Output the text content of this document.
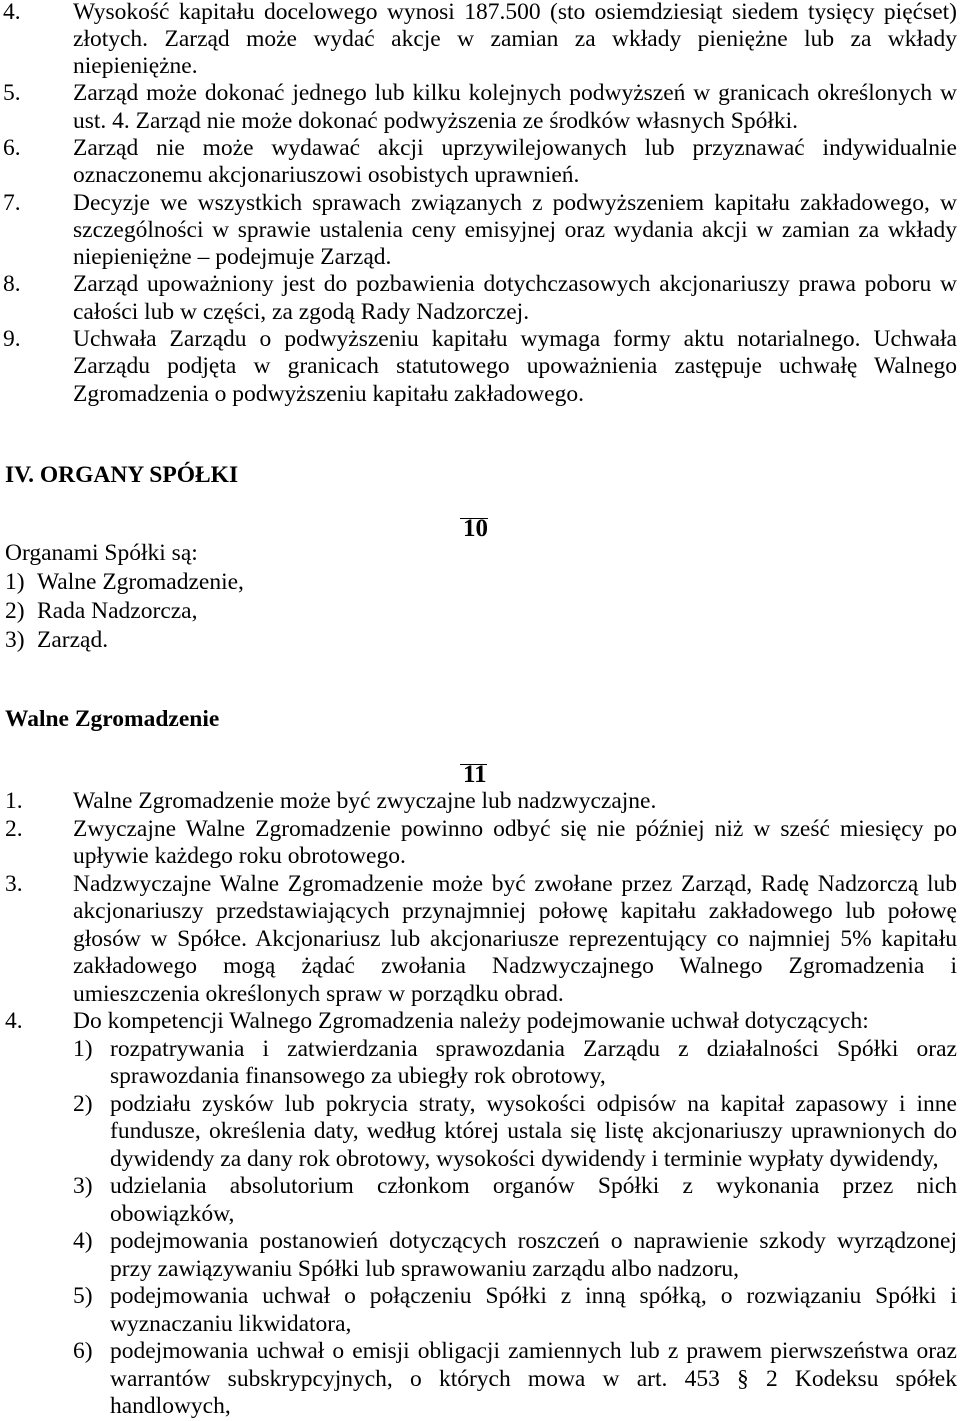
4.	Wysokość kapitału docelowego wynosi 187.500 (sto osiemdziesiąt siedem tysięcy pięćset)
złotych. Zarząd może wydać akcje w zamian za wkłady pieniężne lub za wkłady
niepieniężne.
5.	Zarząd może dokonać jednego lub kilku kolejnych podwyższeń w granicach określonych w
ust. 4. Zarząd nie może dokonać podwyższenia ze środków własnych Spółki.
6.	Zarząd nie może wydawać akcji uprzywilejowanych lub przyznawać indywidualnie
oznaczonemu akcjonariuszowi osobistych uprawnień.
7.	Decyzje we wszystkich sprawach związanych z podwyższeniem kapitału zakładowego, w
szczególności w sprawie ustalenia ceny emisyjnej oraz wydania akcji w zamian za wkłady
niepieniężne – podejmuje Zarząd.
8.	Zarząd upoważniony jest do pozbawienia dotychczasowych akcjonariuszy prawa poboru w
całości lub w części, za zgodą Rady Nadzorczej.
9.	Uchwała Zarządu o podwyższeniu kapitału wymaga formy aktu notarialnego. Uchwała
Zarządu podjęta w granicach statutowego upoważnienia zastępuje uchwałę Walnego
Zgromadzenia o podwyższeniu kapitału zakładowego.
IV. ORGANY SPÓŁKI
10
Organami Spółki są:
1) Walne Zgromadzenie,
2) Rada Nadzorcza,
3) Zarząd.
Walne Zgromadzenie
11
1.	Walne Zgromadzenie może być zwyczajne lub nadzwyczajne.
2.	Zwyczajne Walne Zgromadzenie powinno odbyć się nie później niż w sześć miesięcy po
upływie każdego roku obrotowego.
3.	Nadzwyczajne Walne Zgromadzenie może być zwołane przez Zarząd, Radę Nadzorczą lub
akcjonariuszy przedstawiających przynajmniej połowę kapitału zakładowego lub połowę
głosów w Spółce. Akcjonariusz lub akcjonariusze reprezentujący co najmniej 5% kapitału
zakładowego mogą żądać zwołania Nadzwyczajnego Walnego Zgromadzenia i
umieszczenia określonych spraw w porządku obrad.
4.	Do kompetencji Walnego Zgromadzenia należy podejmowanie uchwał dotyczących:
1) rozpatrywania i zatwierdzania sprawozdania Zarządu z działalności Spółki oraz
sprawozdania finansowego za ubiegły rok obrotowy,
2) podziału zysków lub pokrycia straty, wysokości odpisów na kapitał zapasowy i inne
fundusze, określenia daty, według której ustala się listę akcjonariuszy uprawnionych do
dywidendy za dany rok obrotowy, wysokości dywidendy i terminie wypłaty dywidendy,
3) udzielania absolutorium członkom organów Spółki z wykonania przez nich
obowiązków,
4) podejmowania postanowień dotyczących roszczeń o naprawienie szkody wyrządzonej
przy zawiązywaniu Spółki lub sprawowaniu zarządu albo nadzoru,
5) podejmowania uchwał o połączeniu Spółki z inną spółką, o rozwiązaniu Spółki i
wyznaczaniu likwidatora,
6) podejmowania uchwał o emisji obligacji zamiennych lub z prawem pierwszeństwa oraz
warrantów subskrypcyjnych, o których mowa w art. 453 § 2 Kodeksu spółek
handlowych,
